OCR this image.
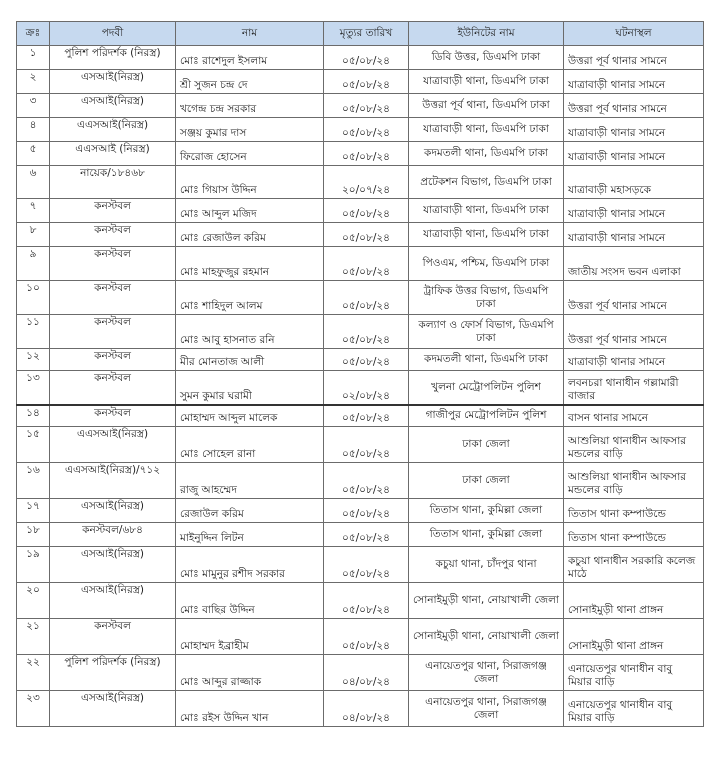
ক্রঃ	পদবী	নাম	মৃত্যুর তারিখ	ইউনিটের নাম	ঘটনাস্থল
১	পুলিশ পরিদর্শক (নিরস্ত্র)	মোঃ রাশেদুল ইসলাম	০৫/০৮/২৪	ডিবি উত্তর, ডিএমপি ঢাকা	উত্তরা পূর্ব থানার সামনে
২	এসআই(নিরস্ত্র)	শ্রী সুজন চন্দ্র দে	০৫/০৮/২৪	যাত্রাবাড়ী থানা, ডিএমপি ঢাকা	যাত্রাবাড়ী থানার সামনে
৩	এসআই(নিরস্ত্র)	খগেন্দ্র চন্দ্র সরকার	০৫/০৮/২৪	উত্তরা পূর্ব থানা, ডিএমপি ঢাকা	উত্তরা পূর্ব থানার সামনে
৪	এএসআই(নিরস্ত্র)	সঞ্জয় কুমার দাস	০৫/০৮/২৪	যাত্রাবাড়ী থানা, ডিএমপি ঢাকা	যাত্রাবাড়ী থানার সামনে
৫	এএসআই (নিরস্ত্র)	ফিরোজ হোসেন	০৫/০৮/২৪	কদমতলী থানা, ডিএমপি ঢাকা	যাত্রাবাড়ী থানার সামনে
৬	নায়েক/১৮৪৬৮	মোঃ গিয়াস উদ্দিন	২০/০৭/২৪	প্রটেকশন বিভাগ, ডিএমপি ঢাকা	যাত্রাবাড়ী মহাসড়কে
৭	কনস্টবল	মোঃ আব্দুল মজিদ	০৫/০৮/২৪	যাত্রাবাড়ী থানা, ডিএমপি ঢাকা	যাত্রাবাড়ী থানার সামনে
৮	কনস্টবল	মোঃ রেজাউল করিম	০৫/০৮/২৪	যাত্রাবাড়ী থানা, ডিএমপি ঢাকা	যাত্রাবাড়ী থানার সামনে
৯	কনস্টবল	মোঃ মাহফুজুর রহমান	০৫/০৮/২৪	পিওএম, পশ্চিম, ডিএমপি ঢাকা	জাতীয় সংসদ ভবন এলাকা
১০	কনস্টবল	মোঃ শাহিদুল আলম	০৫/০৮/২৪	ট্রাফিক উত্তর বিভাগ, ডিএমপি ঢাকা	উত্তরা পূর্ব থানার সামনে
১১	কনস্টবল	মোঃ আবু হাসনাত রনি	০৫/০৮/২৪	কল্যাণ ও ফোর্স বিভাগ, ডিএমপি ঢাকা	উত্তরা পূর্ব থানার সামনে
১২	কনস্টবল	মীর মোনতাজ আলী	০৫/০৮/২৪	কদমতলী থানা, ডিএমপি ঢাকা	যাত্রাবাড়ী থানার সামনে
১৩	কনস্টবল	সুমন কুমার ঘরামী	০২/০৮/২৪	খুলনা মেট্রোপলিটন পুলিশ	লবনচরা থানাধীন গল্লামারী বাজার
১৪	কনস্টবল	মোহাম্মদ আব্দুল মালেক	০৫/০৮/২৪	গাজীপুর মেট্রোপলিটন পুলিশ	বাসন থানার সামনে
১৫	এএসআই(নিরস্ত্র)	মোঃ সোহেল রানা	০৫/০৮/২৪	ঢাকা জেলা	আশুলিয়া থানাধীন আফসার মন্ডলের বাড়ি
১৬	এএসআই(নিরস্ত্র)/৭১২	রাজু আহম্মেদ	০৫/০৮/২৪	ঢাকা জেলা	আশুলিয়া থানাধীন আফসার মন্ডলের বাড়ি
১৭	এসআই(নিরস্ত্র)	রেজাউল করিম	০৫/০৮/২৪	তিতাস থানা, কুমিল্লা জেলা	তিতাস থানা কম্পাউন্ডে
১৮	কনস্টবল/৬৮৪	মাইনুদ্দিন লিটন	০৫/০৮/২৪	তিতাস থানা, কুমিল্লা জেলা	তিতাস থানা কম্পাউন্ডে
১৯	এসআই(নিরস্ত্র)	মোঃ মামুনুর রশীদ সরকার	০৫/০৮/২৪	কচুয়া থানা, চাঁদপুর থানা	কচুয়া থানাধীন সরকারি কলেজ মাঠে
২০	এসআই(নিরস্ত্র)	মোঃ বাছির উদ্দিন	০৫/০৮/২৪	সোনাইমুড়ী থানা, নোয়াখালী জেলা	সোনাইমুড়ী থানা প্রাঙ্গন
২১	কনস্টবল	মোহাম্মদ ইব্রাহীম	০৫/০৮/২৪	সোনাইমুড়ী থানা, নোয়াখালী জেলা	সোনাইমুড়ী থানা প্রাঙ্গন
২২	পুলিশ পরিদর্শক (নিরস্ত্র)	মোঃ আব্দুর রাজ্জাক	০৪/০৮/২৪	এনায়েতপুর থানা, সিরাজগঞ্জ জেলা	এনায়েতপুর থানাধীন বাবু মিয়ার বাড়ি
২৩	এসআই(নিরস্ত্র)	মোঃ রইস উদ্দিন খান	০৪/০৮/২৪	এনায়েতপুর থানা, সিরাজগঞ্জ জেলা	এনায়েতপুর থানাধীন বাবু মিয়ার বাড়ি
